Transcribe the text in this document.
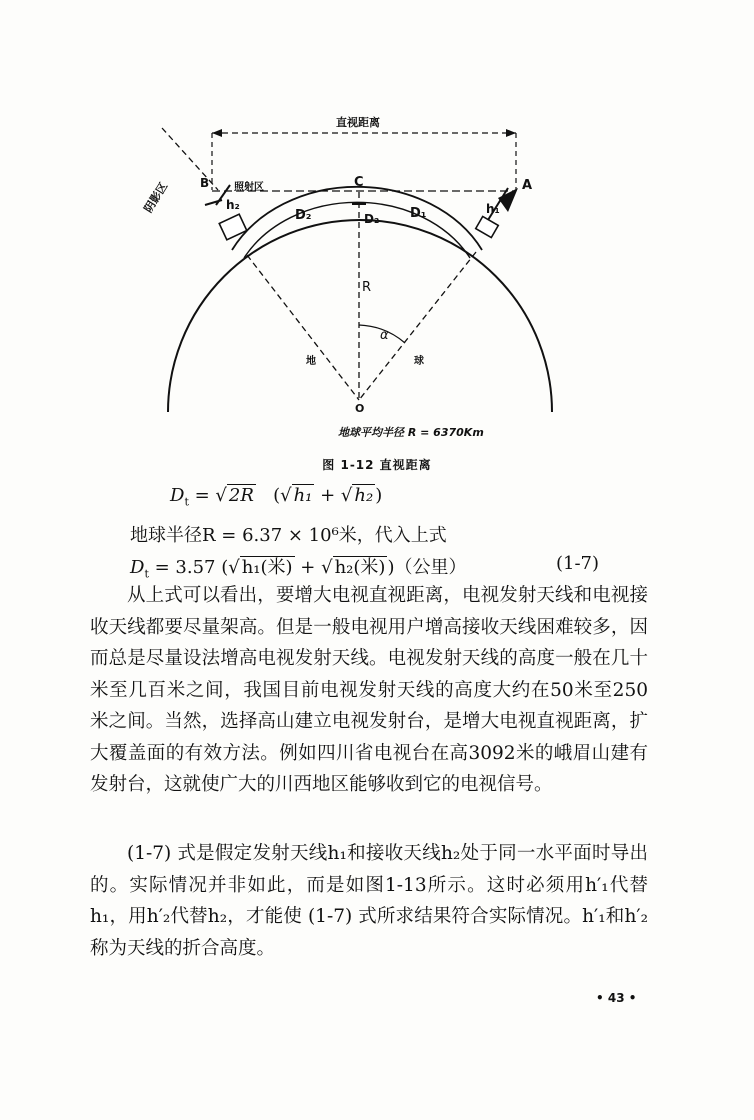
直视距离
阴影区	照射区	C	A
B
D₂	D₁
D₂
h₁
h₂
R
α
地	球
O
地球平均半径 R = 6370Km
图 1-12 直视距离
$D_t$ = √ 2R (√ h₁ + √ h₂ )
地球半径R = 6.37 × 10⁶米，代入上式
$D_t = 3.57$ (√ h₁(米) + √ h₂(米) )（公里）	(1-7)
从上式可以看出，要增大电视直视距离，电视发射天线和电视接收天线都要尽量架高。但是一般电视用户增高接收天线困难较多，因而总是尽量设法增高电视发射天线。电视发射天线的高度一般在几十米至几百米之间，我国目前电视发射天线的高度大约在50米至250米之间。当然，选择高山建立电视发射台，是增大电视直视距离，扩大覆盖面的有效方法。例如四川省电视台在高3092米的峨眉山建有发射台，这就使广大的川西地区能够收到它的电视信号。
(1-7) 式是假定发射天线h₁和接收天线h₂处于同一水平面时导出的。实际情况并非如此，而是如图1-13所示。这时必须用h′₁代替h₁，用h′₂代替h₂，才能使 (1-7) 式所求结果符合实际情况。h′₁和h′₂称为天线的折合高度。
• 43 •
